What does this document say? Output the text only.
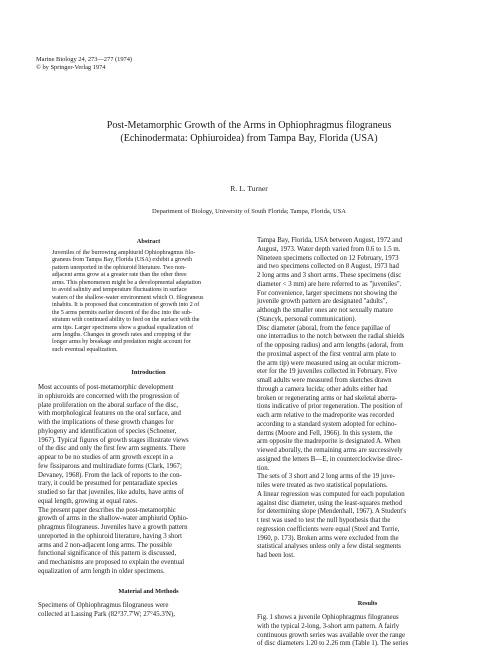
Marine Biology 24, 273—277 (1974)
© by Springer-Verlag 1974
Post-Metamorphic Growth of the Arms in Ophiophragmus filograneus
(Echinodermata: Ophiuroidea) from Tampa Bay, Florida (USA)
R. L. Turner
Department of Biology, University of South Florida; Tampa, Florida, USA
Abstract
Juveniles of the burrowing amphiurid Ophiophragmus filo-
graneus from Tampa Bay, Florida (USA) exhibit a growth
pattern unreported in the ophiuroid literature. Two non-
adjacent arms grow at a greater rate than the other three
arms. This phenomenon might be a developmental adaptation
to avoid salinity and temperature fluctuations in surface
waters of the shallow-water environment which O. filograneus
inhabits. It is proposed that concentration of growth into 2 of
the 5 arms permits earlier descent of the disc into the sub-
stratum with continued ability to feed on the surface with the
arm tips. Larger specimens show a gradual equalization of
arm lengths. Changes in growth rates and cropping of the
longer arms by breakage and predation might account for
such eventual equalization.
Introduction
Most accounts of post-metamorphic development
in ophiuroids are concerned with the progression of
plate proliferation on the aboral surface of the disc,
with morphological features on the oral surface, and
with the implications of these growth changes for
phylogeny and identification of species (Schoener,
1967). Typical figures of growth stages illustrate views
of the disc and only the first few arm segments. There
appear to be no studies of arm growth except in a
few fissiparous and multiradiate forms (Clark, 1967;
Devaney, 1968). From the lack of reports to the con-
trary, it could be presumed for pentaradiate species
studied so far that juveniles, like adults, have arms of
equal length, growing at equal rates.
The present paper describes the post-metamorphic
growth of arms in the shallow-water amphiurid Ophio-
phragmus filograneus. Juveniles have a growth pattern
unreported in the ophiuroid literature, having 3 short
arms and 2 non-adjacent long arms. The possible
functional significance of this pattern is discussed,
and mechanisms are proposed to explain the eventual
equalization of arm length in older specimens.
Material and Methods
Specimens of Ophiophragmus filograneus were
collected at Lassing Park (82°37.7'W; 27°45.3'N),
Tampa Bay, Florida, USA between August, 1972 and
August, 1973. Water depth varied from 0.6 to 1.5 m.
Nineteen specimens collected on 12 February, 1973
and two specimens collected on 8 August, 1973 had
2 long arms and 3 short arms. These specimens (disc
diameter < 3 mm) are here referred to as "juveniles".
For convenience, larger specimens not showing the
juvenile growth pattern are designated "adults",
although the smaller ones are not sexually mature
(Stancyk, personal communication).
Disc diameter (aboral, from the fence papillae of
one interradius to the notch between the radial shields
of the opposing radius) and arm lengths (adoral, from
the proximal aspect of the first ventral arm plate to
the arm tip) were measured using an ocular microm-
eter for the 19 juveniles collected in February. Five
small adults were measured from sketches drawn
through a camera lucida; other adults either had
broken or regenerating arms or had skeletal aberra-
tions indicative of prior regeneration. The position of
each arm relative to the madreporite was recorded
according to a standard system adopted for echino-
derms (Moore and Fell, 1966). In this system, the
arm opposite the madreporite is designated A. When
viewed aborally, the remaining arms are successively
assigned the letters B—E, in counterclockwise direc-
tion.
The sets of 3 short and 2 long arms of the 19 juve-
niles were treated as two statistical populations.
A linear regression was computed for each population
against disc diameter, using the least-squares method
for determining slope (Mendenhall, 1967). A Student's
t test was used to test the null hypothesis that the
regression coefficients were equal (Steel and Torrie,
1960, p. 173). Broken arms were excluded from the
statistical analyses unless only a few distal segments
had been lost.
Results
Fig. 1 shows a juvenile Ophiophragmus filograneus
with the typical 2-long, 3-short arm pattern. A fairly
continuous growth series was available over the range
of disc diameters 1.20 to 2.26 mm (Table 1). The series
